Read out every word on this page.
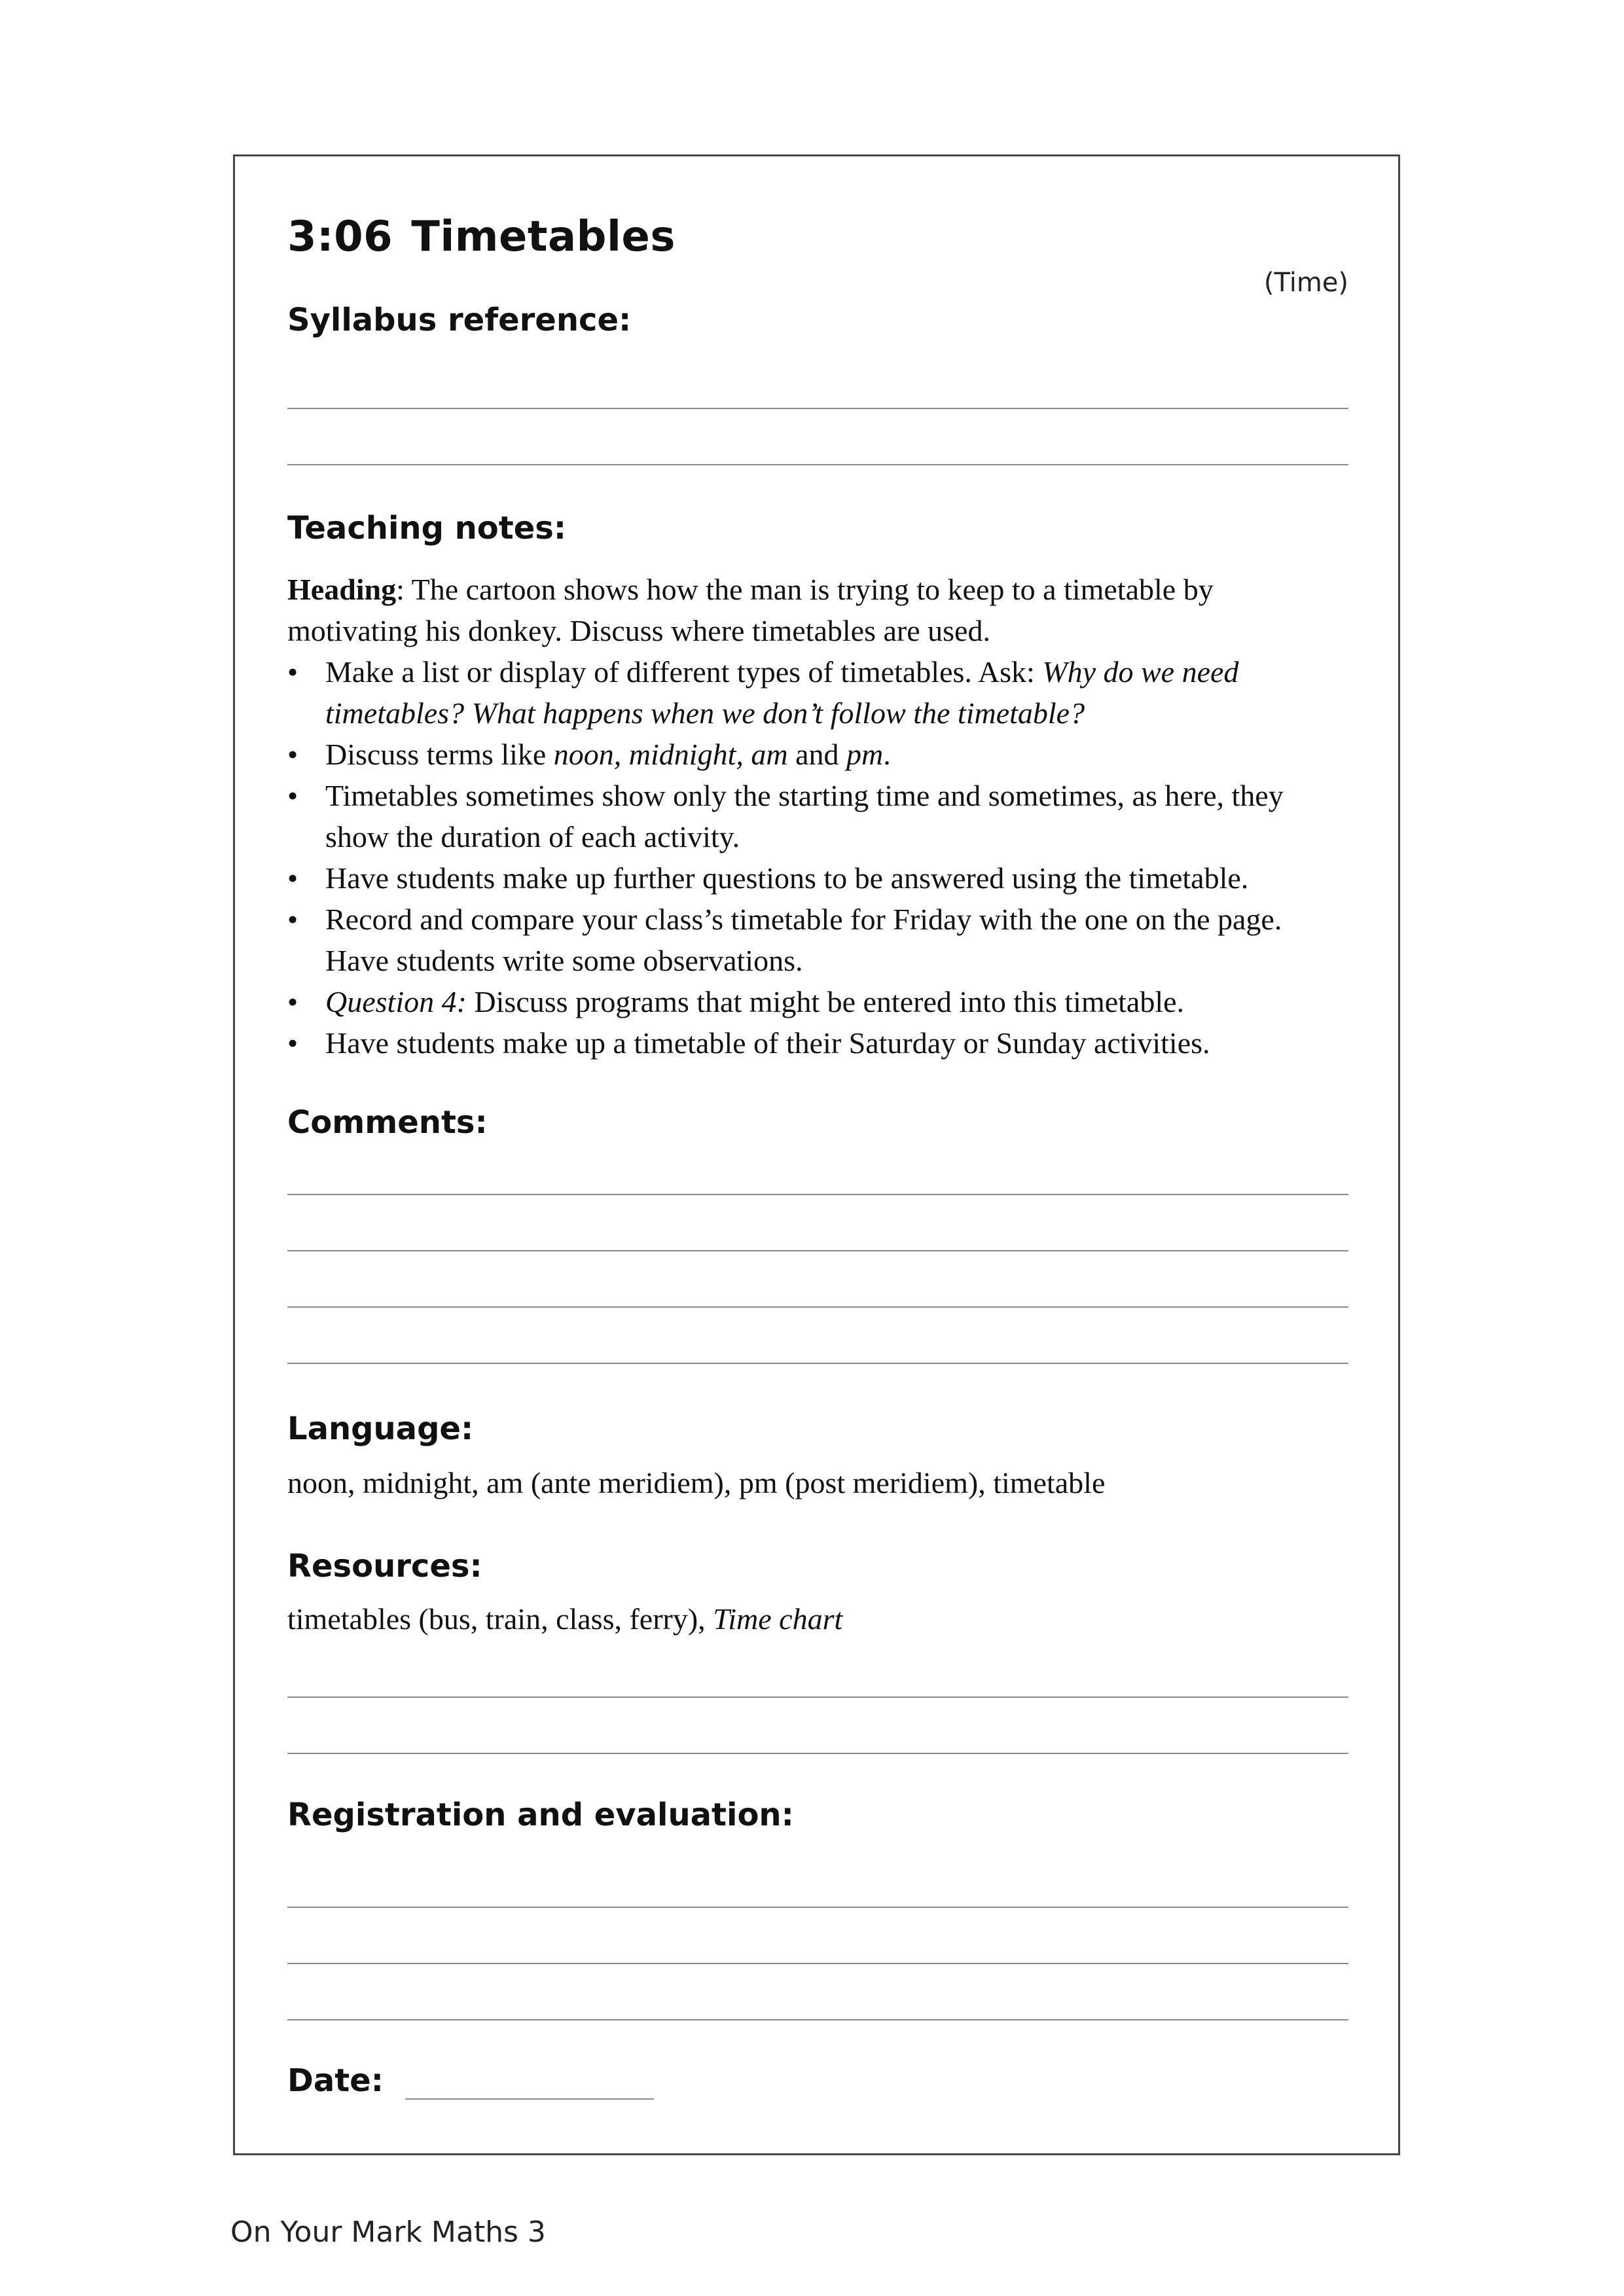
3:06 Timetables
(Time)
Syllabus reference:
Teaching notes:

Heading: The cartoon shows how the man is trying to keep to a timetable by motivating his donkey. Discuss where timetables are used.

• Make a list or display of different types of timetables. Ask: Why do we need timetables? What happens when we don’t follow the timetable?
• Discuss terms like noon, midnight, am and pm.
• Timetables sometimes show only the starting time and sometimes, as here, they show the duration of each activity.
• Have students make up further questions to be answered using the timetable.
• Record and compare your class’s timetable for Friday with the one on the page. Have students write some observations.
• Question 4: Discuss programs that might be entered into this timetable.
• Have students make up a timetable of their Saturday or Sunday activities.
Comments:
Language:
noon, midnight, am (ante meridiem), pm (post meridiem), timetable
Resources:
timetables (bus, train, class, ferry), Time chart
Registration and evaluation:
Date:
On Your Mark Maths 3
